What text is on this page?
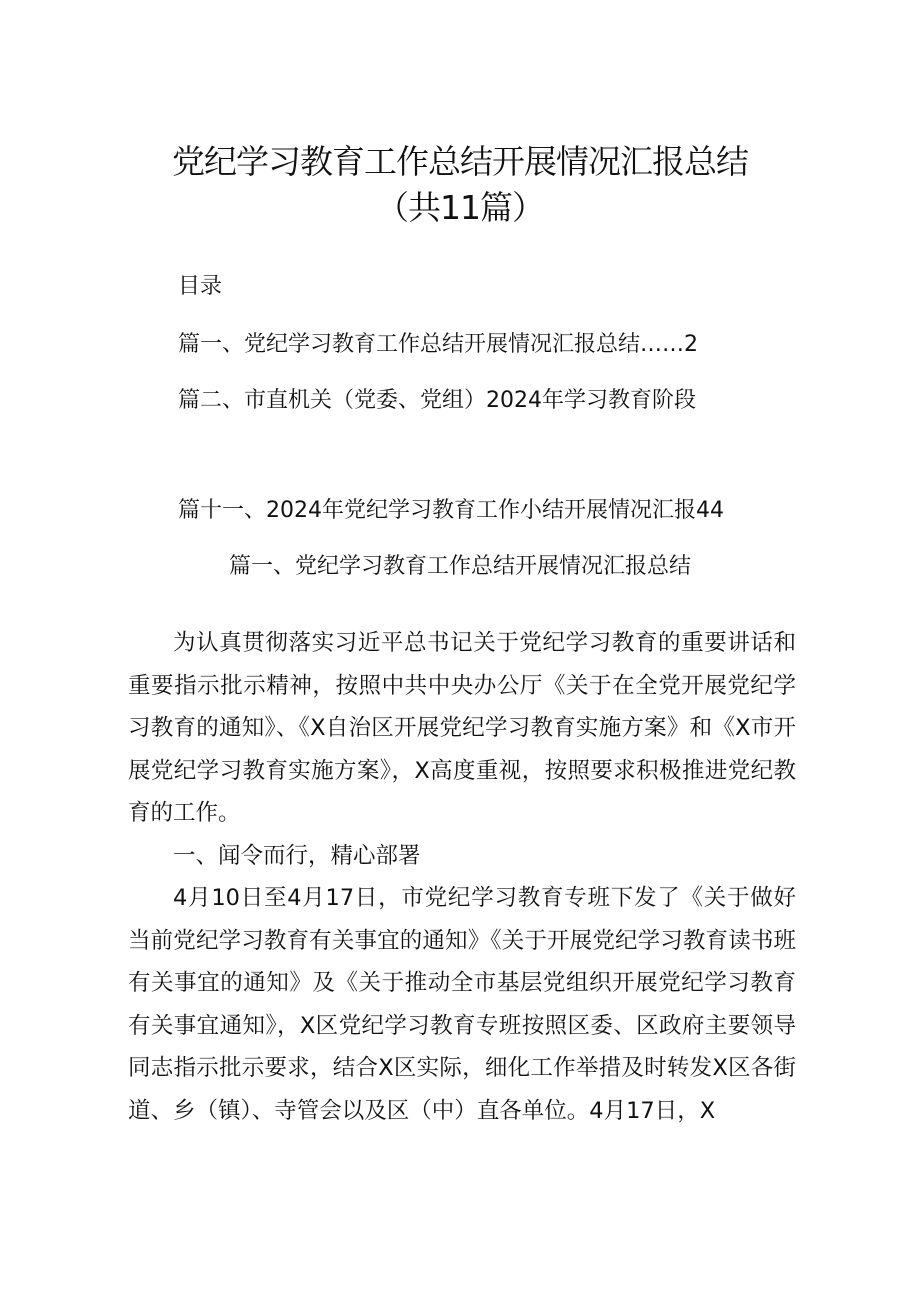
党纪学习教育工作总结开展情况汇报总结
（共11篇）
目录
篇一、党纪学习教育工作总结开展情况汇报总结……2
篇二、市直机关（党委、党组）2024年学习教育阶段
篇十一、2024年党纪学习教育工作小结开展情况汇报44
篇一、党纪学习教育工作总结开展情况汇报总结

为认真贯彻落实习近平总书记关于党纪学习教育的重要讲话和重要指示批示精神，按照中共中央办公厅《关于在全党开展党纪学习教育的通知》、《X自治区开展党纪学习教育实施方案》和《X市开展党纪学习教育实施方案》，X高度重视，按照要求积极推进党纪教育的工作。

一、闻令而行，精心部署

4月10日至4月17日，市党纪学习教育专班下发了《关于做好当前党纪学习教育有关事宜的通知》《关于开展党纪学习教育读书班有关事宜的通知》及《关于推动全市基层党组织开展党纪学习教育有关事宜通知》，X区党纪学习教育专班按照区委、区政府主要领导同志指示批示要求，结合X区实际，细化工作举措及时转发X区各街道、乡（镇）、寺管会以及区（中）直各单位。4月17日，X
